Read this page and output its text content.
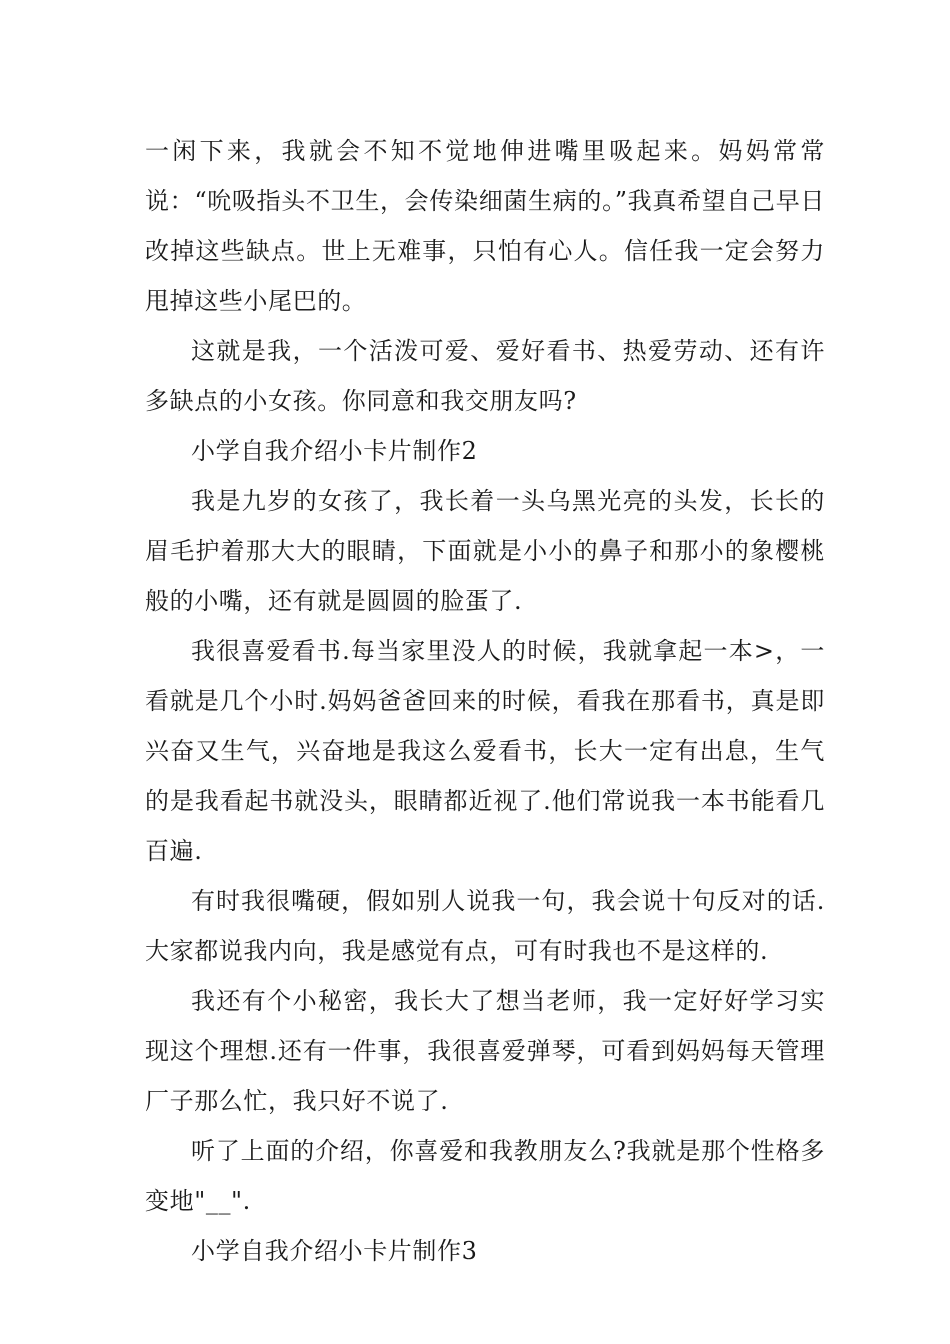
一闲下来，我就会不知不觉地伸进嘴里吸起来。妈妈常常说：“吮吸指头不卫生，会传染细菌生病的。”我真希望自己早日改掉这些缺点。世上无难事，只怕有心人。信任我一定会努力甩掉这些小尾巴的。

这就是我，一个活泼可爱、爱好看书、热爱劳动、还有许多缺点的小女孩。你同意和我交朋友吗?

小学自我介绍小卡片制作2

我是九岁的女孩了，我长着一头乌黑光亮的头发，长长的眉毛护着那大大的眼睛，下面就是小小的鼻子和那小的象樱桃般的小嘴，还有就是圆圆的脸蛋了.

我很喜爱看书.每当家里没人的时候，我就拿起一本>，一看就是几个小时.妈妈爸爸回来的时候，看我在那看书，真是即兴奋又生气，兴奋地是我这么爱看书，长大一定有出息，生气的是我看起书就没头，眼睛都近视了.他们常说我一本书能看几百遍.

有时我很嘴硬，假如别人说我一句，我会说十句反对的话.大家都说我内向，我是感觉有点，可有时我也不是这样的.

我还有个小秘密，我长大了想当老师，我一定好好学习实现这个理想.还有一件事，我很喜爱弹琴，可看到妈妈每天管理厂子那么忙，我只好不说了.

听了上面的介绍，你喜爱和我教朋友么?我就是那个性格多变地"__".

小学自我介绍小卡片制作3
